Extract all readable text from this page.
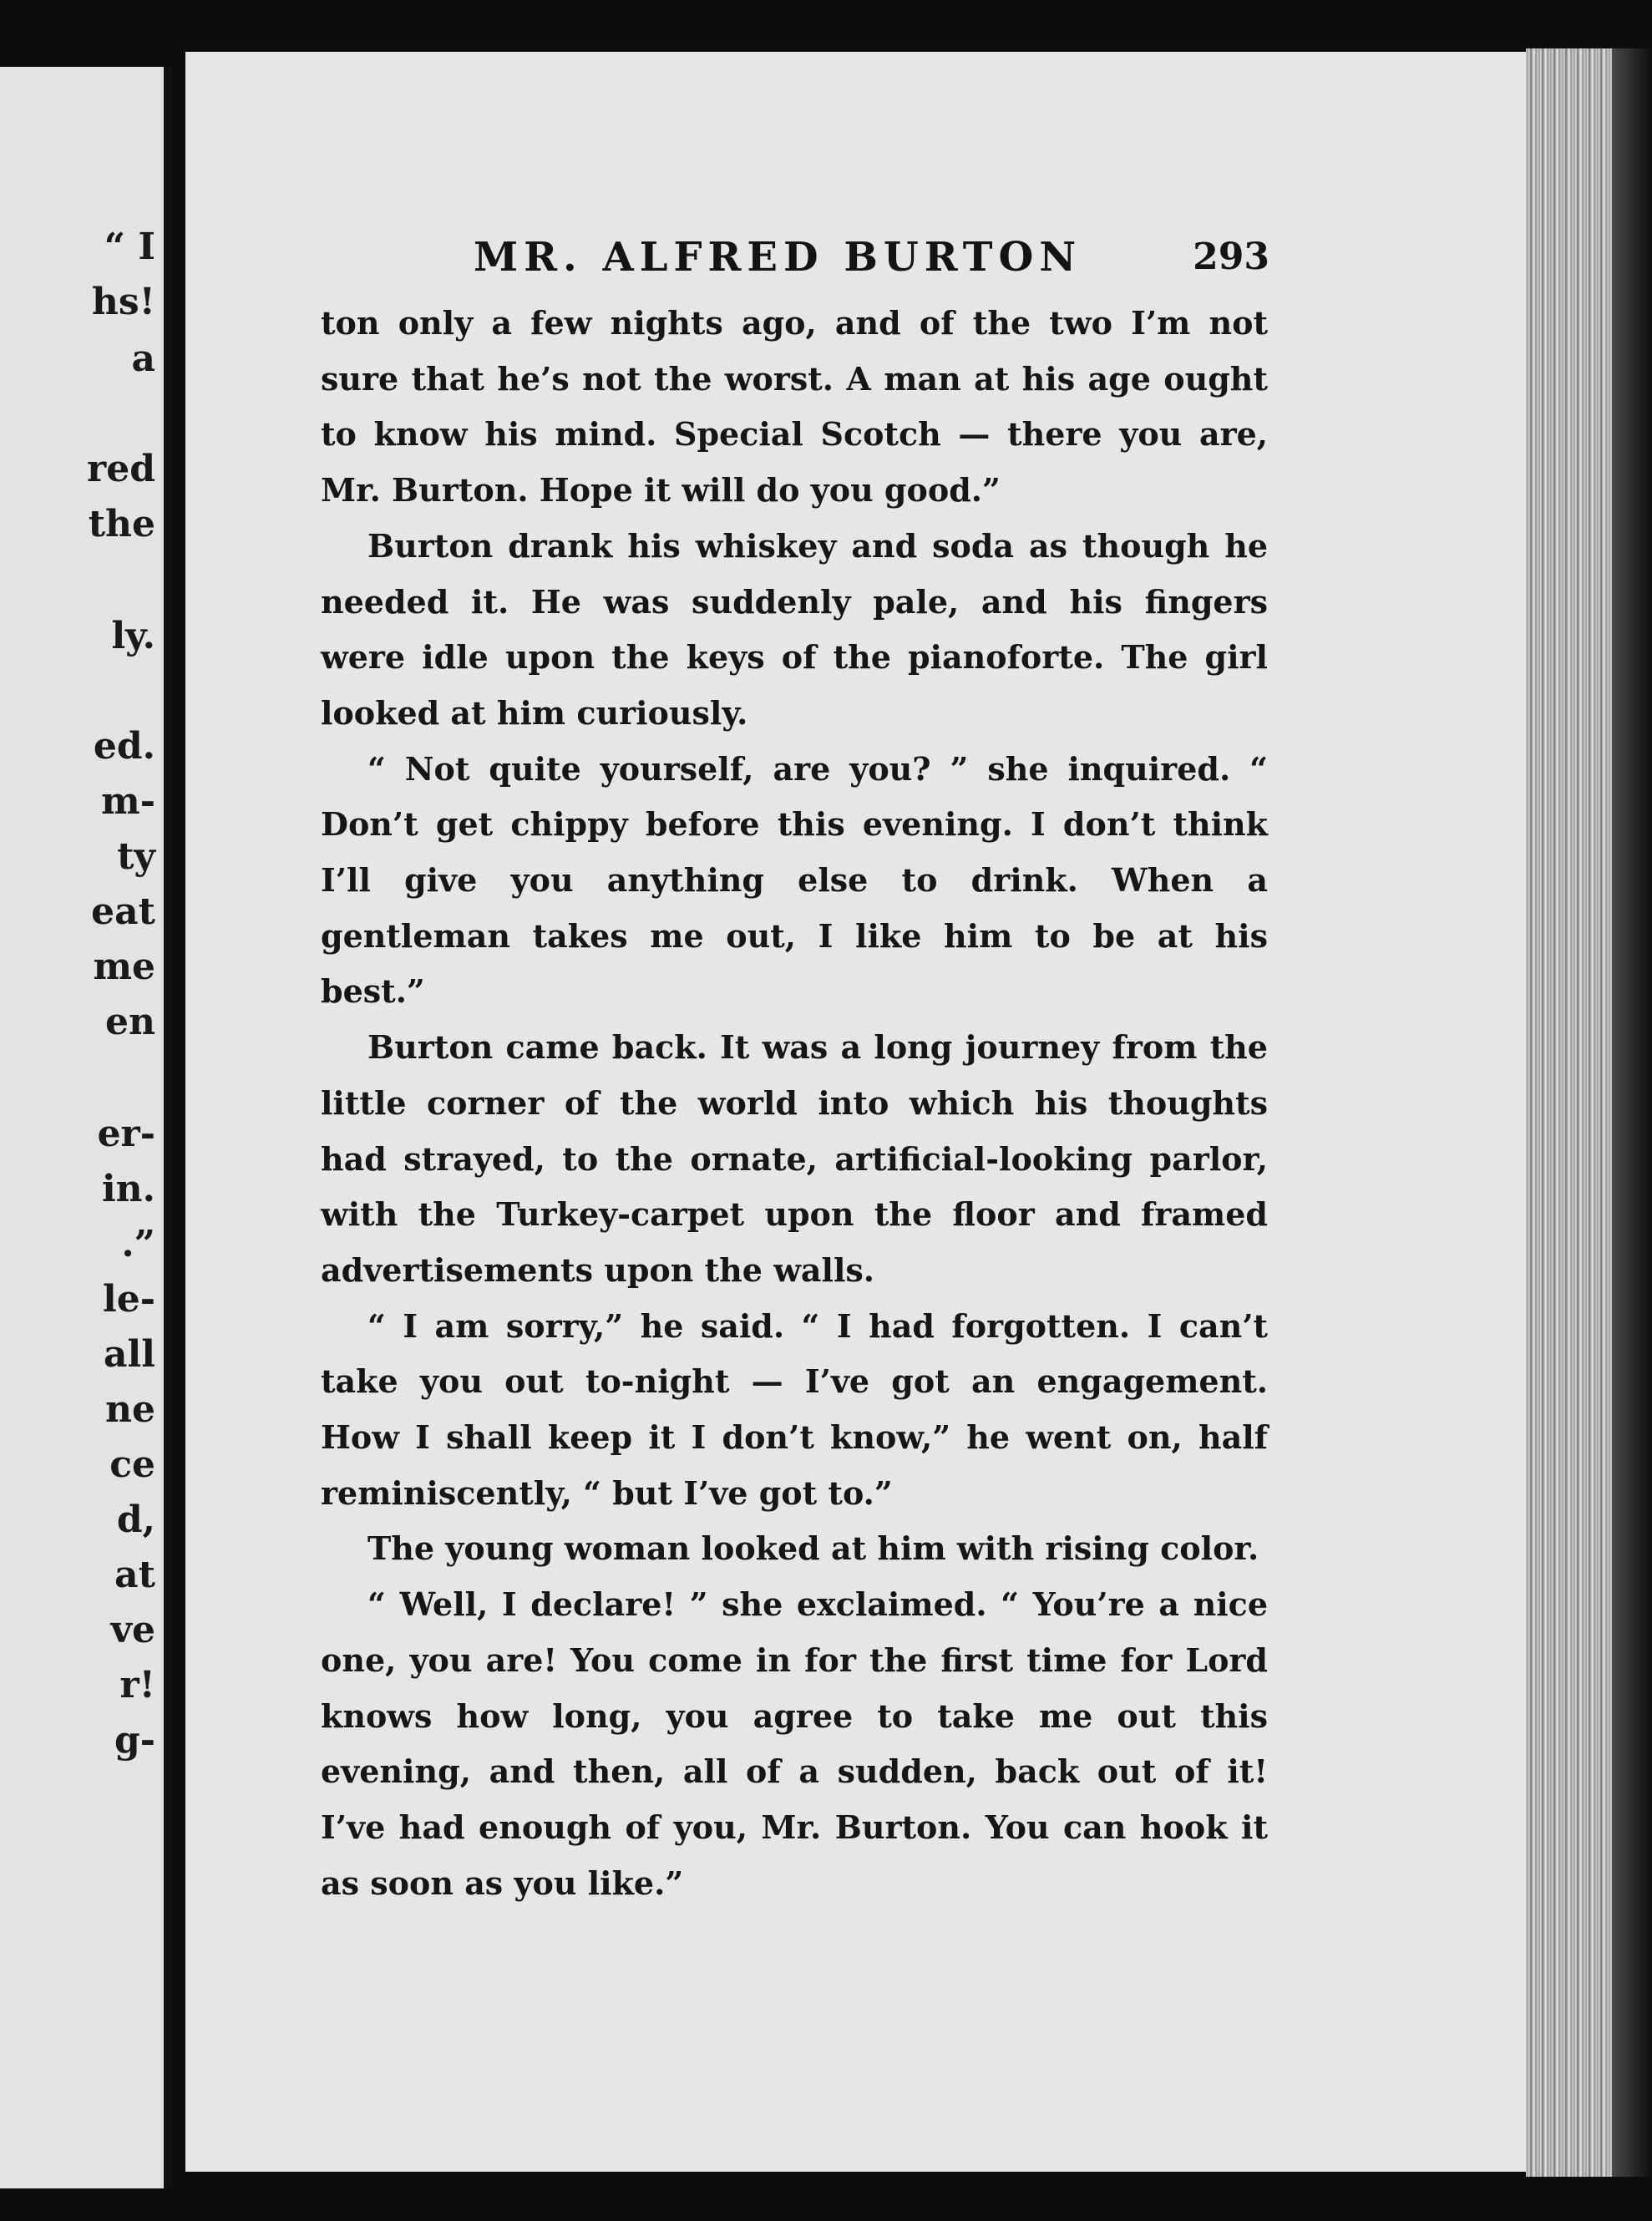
“ I
hs!
a
red
the
ly.
ed.
m-
ty
eat
me
en
er-
in.
.”
le-
all
ne
ce
d,
at
ve
r!
g-
MR. ALFRED BURTON	293

ton only a few nights ago, and of the two I’m not sure that he’s not the worst. A man at his age ought to know his mind. Special Scotch — there you are, Mr. Burton. Hope it will do you good.”

Burton drank his whiskey and soda as though he needed it. He was suddenly pale, and his fingers were idle upon the keys of the pianoforte. The girl looked at him curiously.

“ Not quite yourself, are you? ” she inquired. “ Don’t get chippy before this evening. I don’t think I’ll give you anything else to drink. When a gentleman takes me out, I like him to be at his best.”

Burton came back. It was a long journey from the little corner of the world into which his thoughts had strayed, to the ornate, artificial-looking parlor, with the Turkey-carpet upon the floor and framed advertisements upon the walls.

“ I am sorry,” he said. “ I had forgotten. I can’t take you out to-night — I’ve got an engagement. How I shall keep it I don’t know,” he went on, half reminiscently, “ but I’ve got to.”

The young woman looked at him with rising color.

“ Well, I declare! ” she exclaimed. “ You’re a nice one, you are! You come in for the first time for Lord knows how long, you agree to take me out this evening, and then, all of a sudden, back out of it! I’ve had enough of you, Mr. Burton. You can hook it as soon as you like.”
